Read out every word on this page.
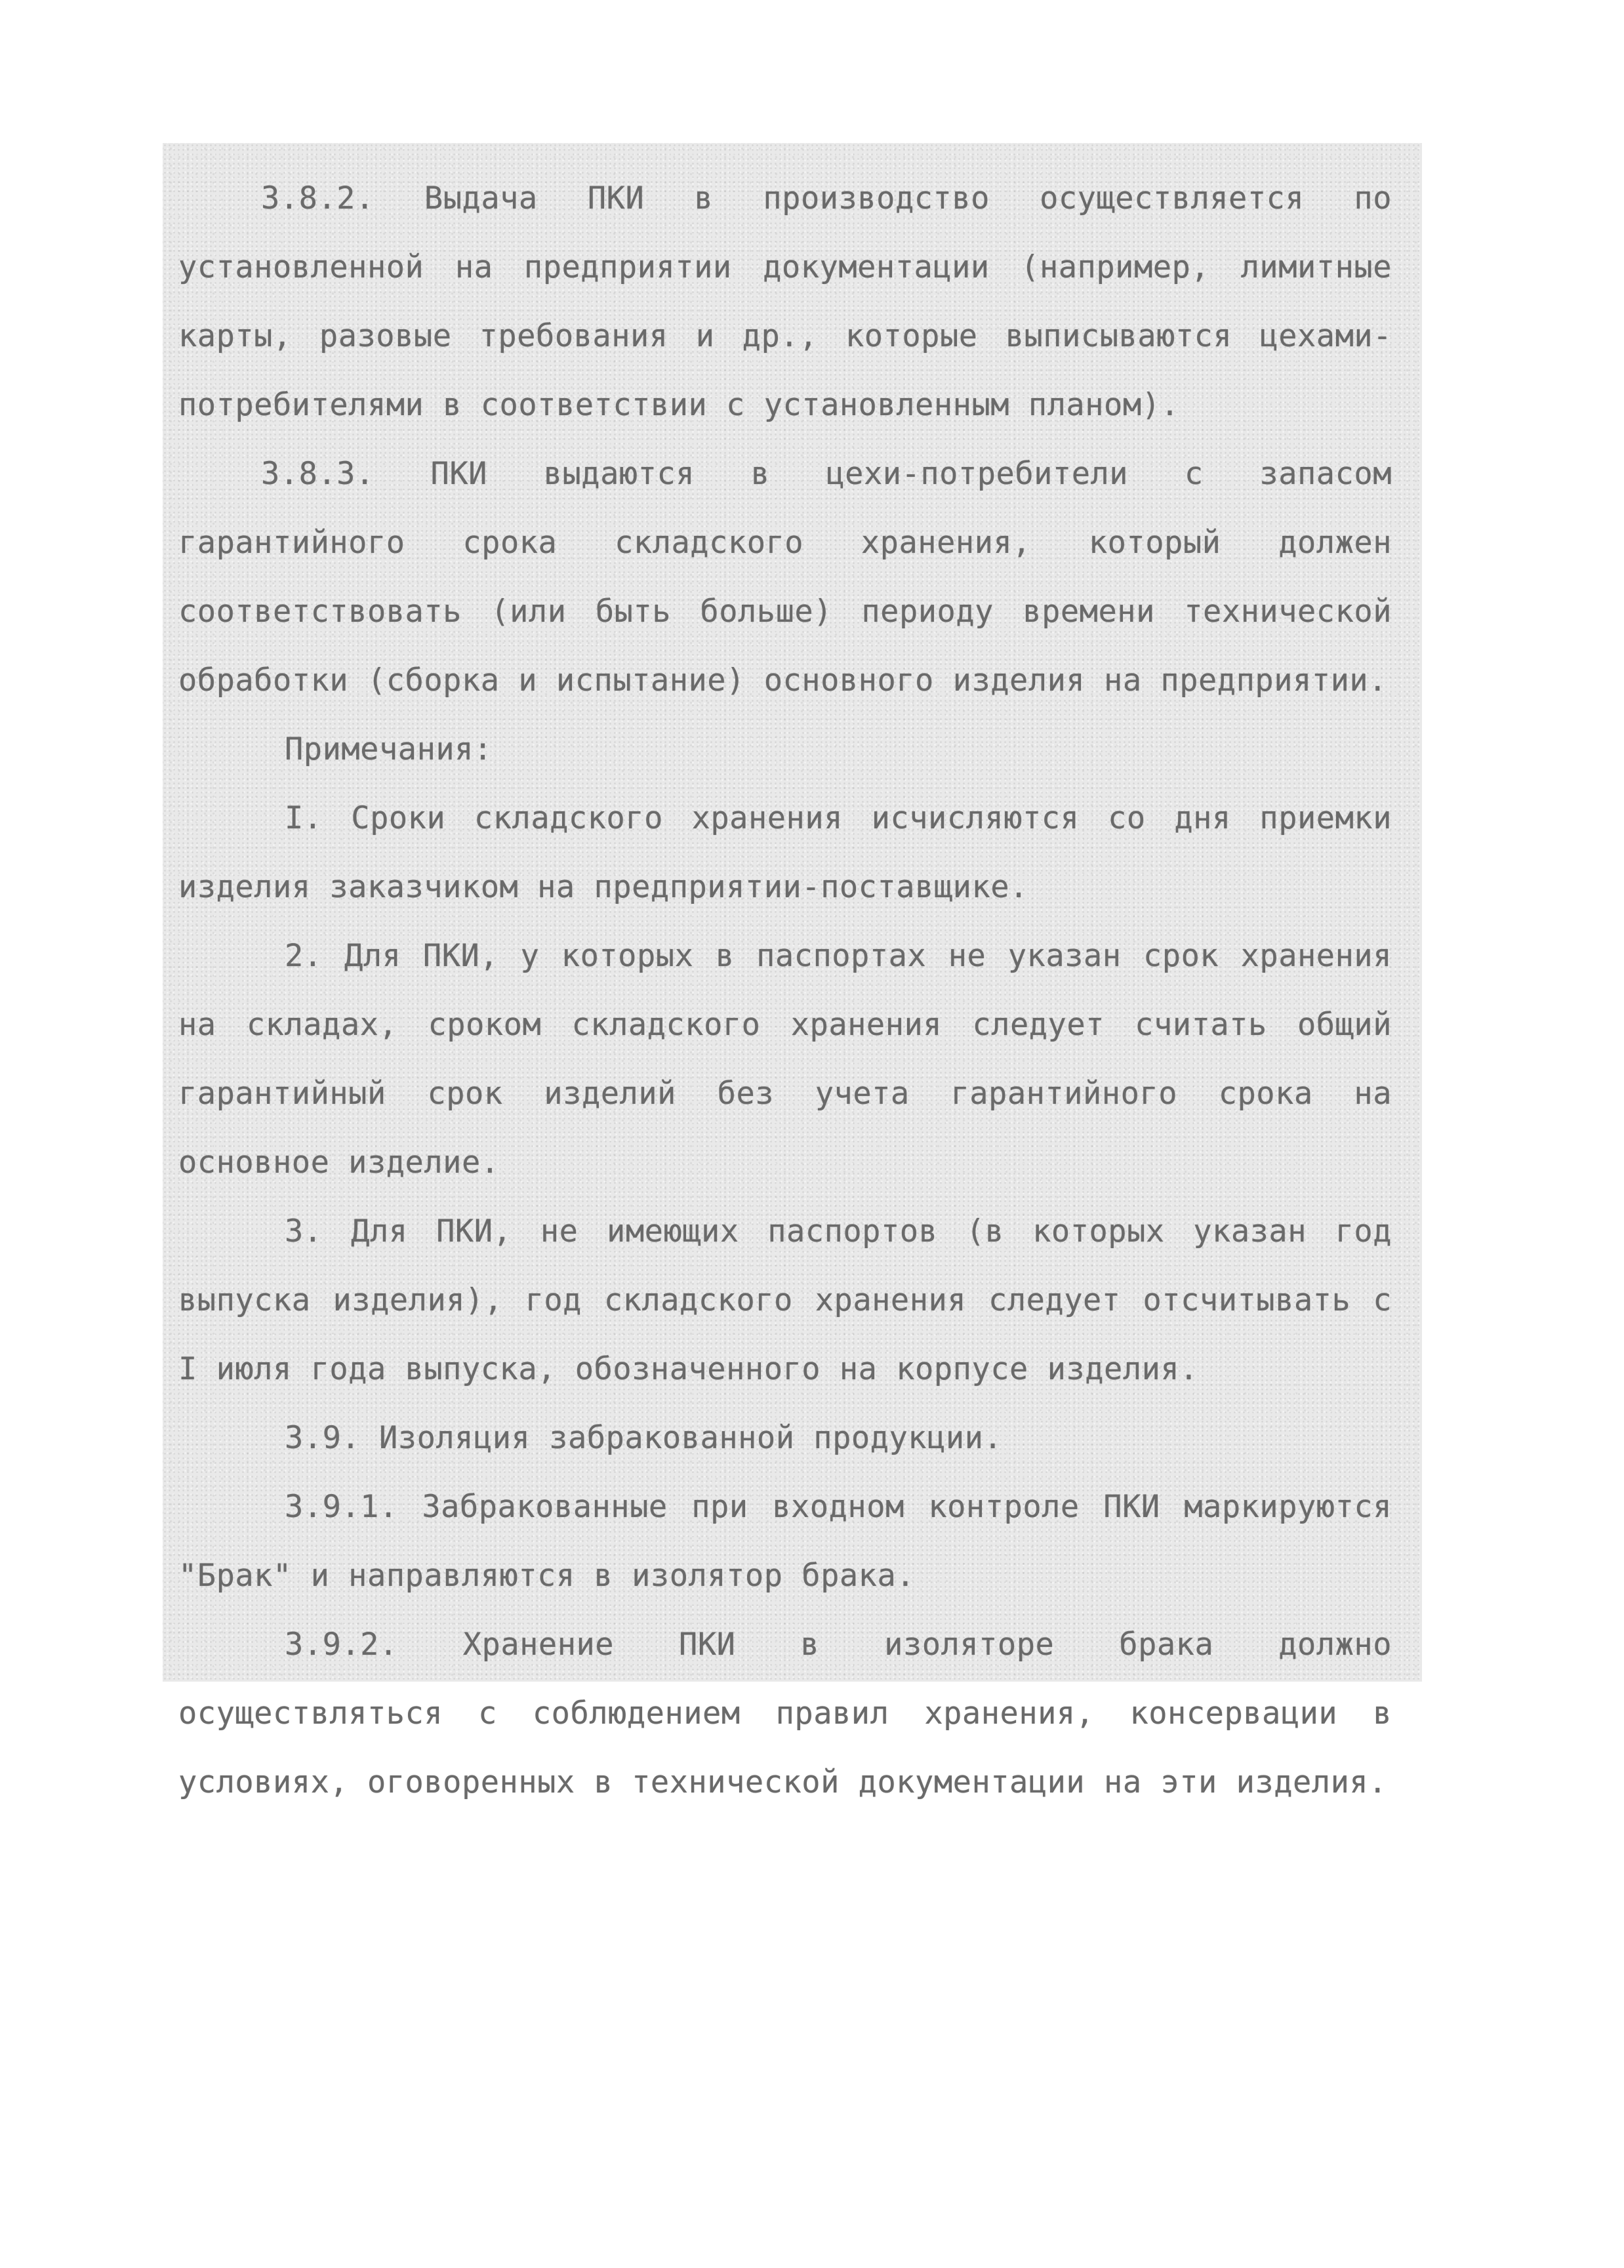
3.8.2. Выдача ПКИ в производство осуществляется по установленной на предприятии документации (например, лимитные карты, разовые требования и др., которые выписываются цехами-потребителями в соответствии с установленным планом).

3.8.3. ПКИ выдаются в цехи-потребители с запасом гарантийного срока складского хранения, который должен соответствовать (или быть больше) периоду времени технической обработки (сборка и испытание) основного изделия на предприятии.

Примечания:

I. Сроки складского хранения исчисляются со дня приемки изделия заказчиком на предприятии-поставщике.

2. Для ПКИ, у которых в паспортах не указан срок хранения на складах, сроком складского хранения следует считать общий гарантийный срок изделий без учета гарантийного срока на основное изделие.

3. Для ПКИ, не имеющих паспортов (в которых указан год выпуска изделия), год складского хранения следует отсчитывать с I июля года выпуска, обозначенного на корпусе изделия.

3.9. Изоляция забракованной продукции.

3.9.1. Забракованные при входном контроле ПКИ маркируются "Брак" и направляются в изолятор брака.

3.9.2. Хранение ПКИ в изоляторе брака должно осуществляться с соблюдением правил хранения, консервации в условиях, оговоренных в технической документации на эти изделия.
